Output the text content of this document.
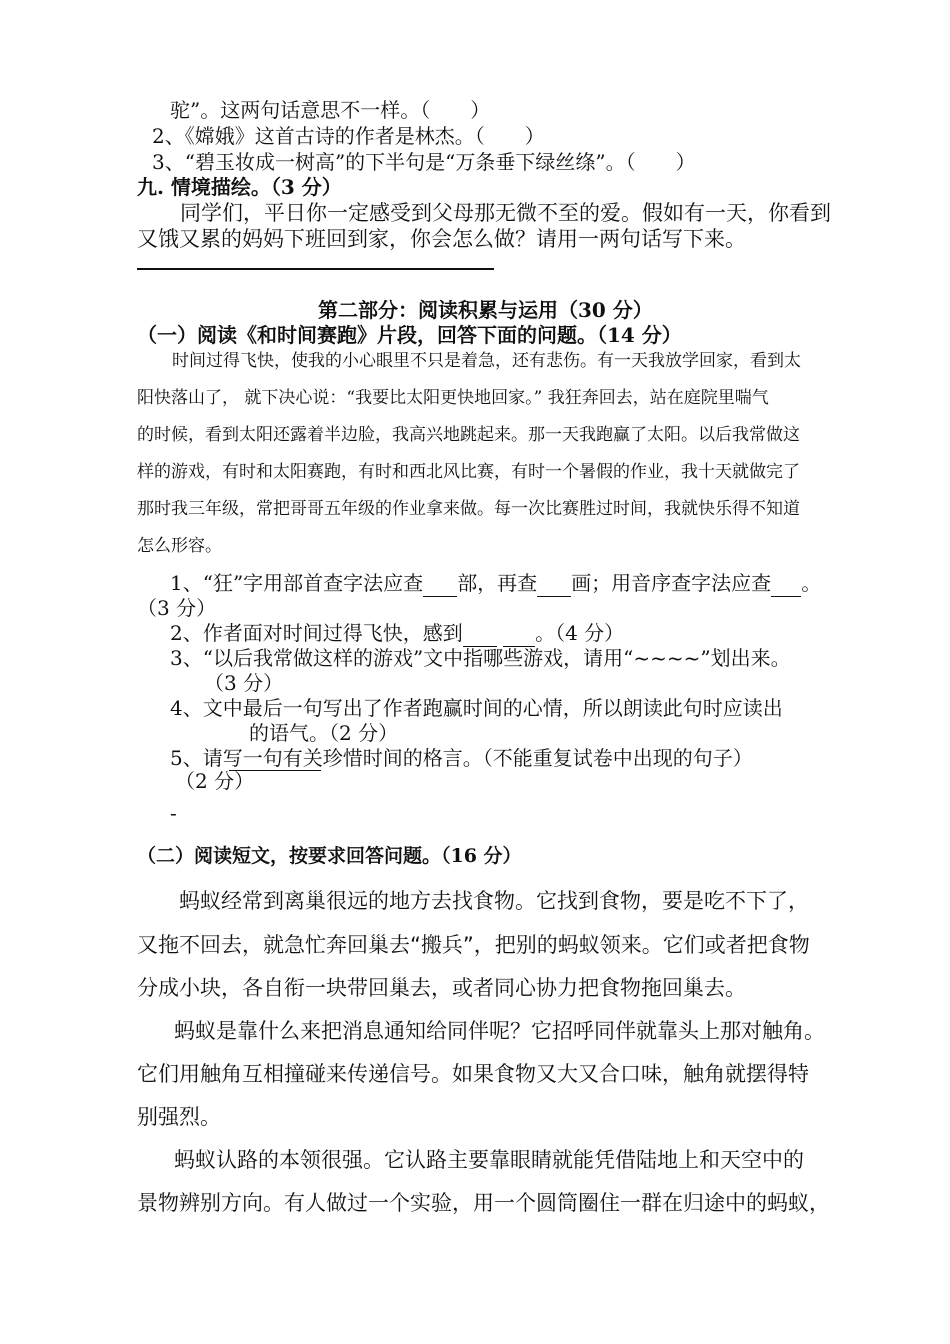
驼”。这两句话意思不一样。（　　）
2、《嫦娥》这首古诗的作者是林杰。（　　）
3、“碧玉妆成一树高”的下半句是“万条垂下绿丝绦”。（　　）
九. 情境描绘。（3 分）
同学们，平日你一定感受到父母那无微不至的爱。假如有一天，你看到
又饿又累的妈妈下班回到家，你会怎么做？请用一两句话写下来。
第二部分：阅读积累与运用（30 分）
（一）阅读《和时间赛跑》片段，回答下面的问题。（14 分）
时间过得飞快，使我的小心眼里不只是着急，还有悲伤。有一天我放学回家，看到太
阳快落山了， 就下决心说：“我要比太阳更快地回家。” 我狂奔回去，站在庭院里喘气
的时候，看到太阳还露着半边脸，我高兴地跳起来。那一天我跑赢了太阳。以后我常做这
样的游戏，有时和太阳赛跑，有时和西北风比赛，有时一个暑假的作业，我十天就做完了
那时我三年级，常把哥哥五年级的作业拿来做。每一次比赛胜过时间，我就快乐得不知道
怎么形容。
1、“狂”字用部首查字法应查 部，再查 画；用音序查字法应查 。
（3 分）
2、作者面对时间过得飞快，感到	。（4 分）
3、“以后我常做这样的游戏”文中指哪些游戏，请用“~~~~”划出来。
（3 分）
4、文中最后一句写出了作者跑赢时间的心情，所以朗读此句时应读出
的语气。（2 分）
5、请写一句有关珍惜时间的格言。（不能重复试卷中出现的句子）
（2 分）
-
（二）阅读短文，按要求回答问题。（16 分）
蚂蚁经常到离巢很远的地方去找食物。它找到食物，要是吃不下了，
又拖不回去，就急忙奔回巢去“搬兵”，把别的蚂蚁领来。它们或者把食物
分成小块，各自衔一块带回巢去，或者同心协力把食物拖回巢去。
蚂蚁是靠什么来把消息通知给同伴呢？它招呼同伴就靠头上那对触角。
它们用触角互相撞碰来传递信号。如果食物又大又合口味，触角就摆得特
别强烈。
蚂蚁认路的本领很强。它认路主要靠眼睛就能凭借陆地上和天空中的
景物辨别方向。有人做过一个实验，用一个圆筒圈住一群在归途中的蚂蚁，
